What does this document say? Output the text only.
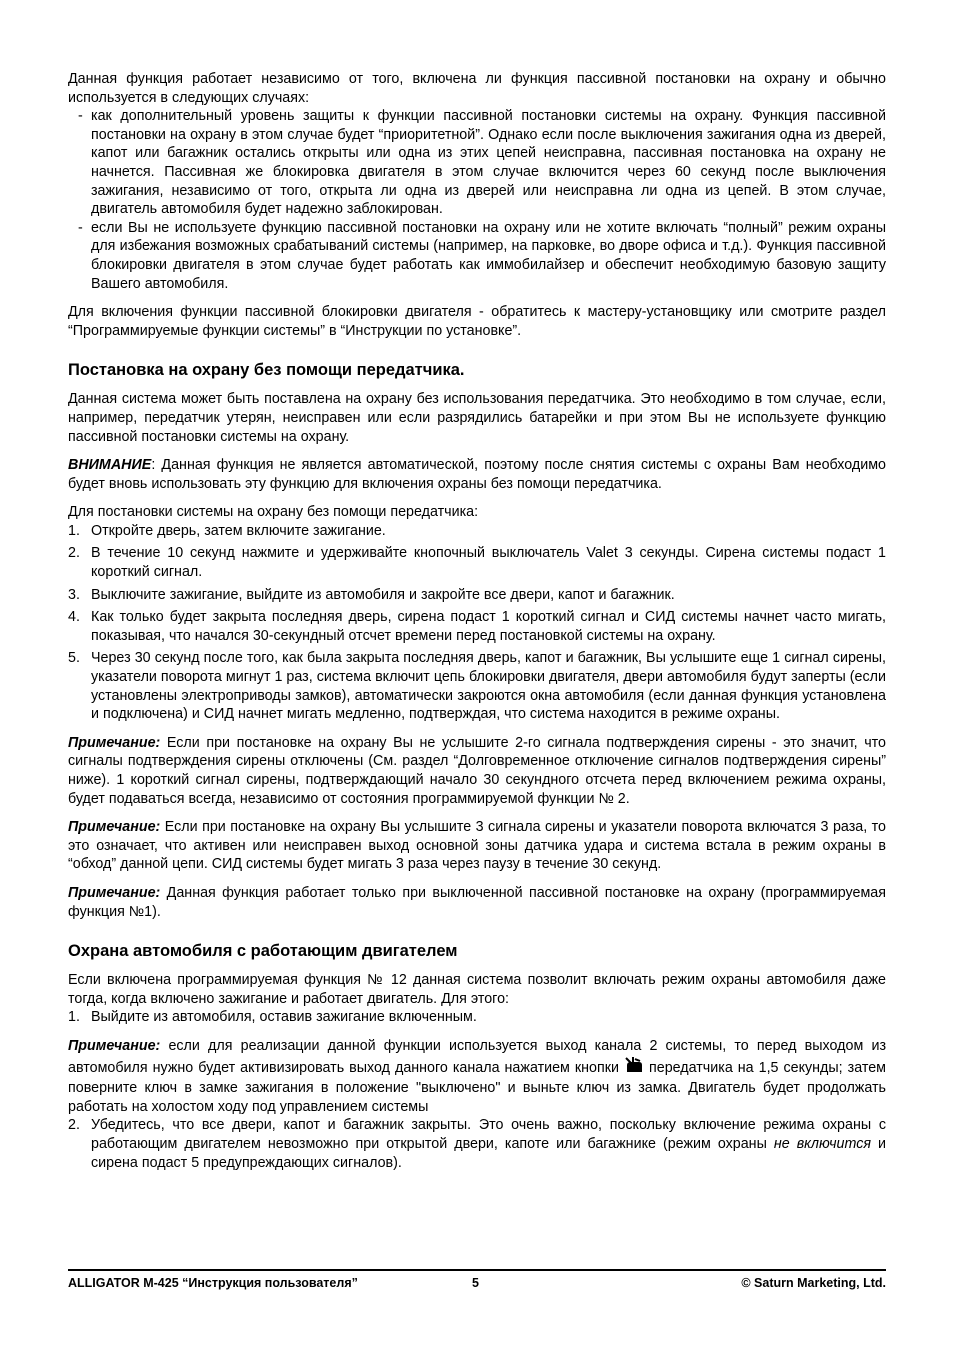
Данная функция работает независимо от того, включена ли функция пассивной постановки на охрану и обычно используется в следующих случаях:

- как дополнительный уровень защиты к функции пассивной постановки системы на охрану. Функция пассивной постановки на охрану в этом случае будет “приоритетной”. Однако если после выключения зажигания одна из дверей, капот или багажник остались открыты или одна из этих цепей неисправна, пассивная постановка на охрану не начнется. Пассивная же блокировка двигателя в этом случае включится через 60 секунд после выключения зажигания, независимо от того, открыта ли одна из дверей или неисправна ли одна из цепей. В этом случае, двигатель автомобиля будет надежно заблокирован.
- если Вы не используете функцию пассивной постановки на охрану или не хотите включать “полный” режим охраны для избежания возможных срабатываний системы (например, на парковке, во дворе офиса и т.д.). Функция пассивной блокировки двигателя в этом случае будет работать как иммобилайзер и обеспечит необходимую базовую защиту Вашего автомобиля.

Для включения функции пассивной блокировки двигателя - обратитесь к мастеру-установщику или смотрите раздел “Программируемые функции системы” в “Инструкции по установке”.

Постановка на охрану без помощи передатчика.

Данная система может быть поставлена на охрану без использования передатчика. Это необходимо в том случае, если, например, передатчик утерян, неисправен или если разрядились батарейки и при этом Вы не используете функцию пассивной постановки системы на охрану.

ВНИМАНИЕ: Данная функция не является автоматической, поэтому после снятия системы с охраны Вам необходимо будет вновь использовать эту функцию для включения охраны без помощи передатчика.

Для постановки системы на охрану без помощи передатчика:

1. Откройте дверь, затем включите зажигание.
2. В течение 10 секунд нажмите и удерживайте кнопочный выключатель Valet 3 секунды. Сирена системы подаст 1 короткий сигнал.
3. Выключите зажигание, выйдите из автомобиля и закройте все двери, капот и багажник.
4. Как только будет закрыта последняя дверь, сирена подаст 1 короткий сигнал и СИД системы начнет часто мигать, показывая, что начался 30-секундный отсчет времени перед постановкой системы на охрану.
5. Через 30 секунд после того, как была закрыта последняя дверь, капот и багажник, Вы услышите еще 1 сигнал сирены, указатели поворота мигнут 1 раз, система включит цепь блокировки двигателя, двери автомобиля будут заперты (если установлены электроприводы замков), автоматически закроются окна автомобиля (если данная функция установлена и подключена) и СИД начнет мигать медленно, подтверждая, что система находится в режиме охраны.

Примечание: Если при постановке на охрану Вы не услышите 2-го сигнала подтверждения сирены - это значит, что сигналы подтверждения сирены отключены (См. раздел “Долговременное отключение сигналов подтверждения сирены” ниже). 1 короткий сигнал сирены, подтверждающий начало 30 секундного отсчета перед включением режима охраны, будет подаваться всегда, независимо от состояния программируемой функции № 2.

Примечание: Если при постановке на охрану Вы услышите 3 сигнала сирены и указатели поворота включатся 3 раза, то это означает, что активен или неисправен выход основной зоны датчика удара и система встала в режим охраны в “обход” данной цепи. СИД системы будет мигать 3 раза через паузу в течение 30 секунд.

Примечание: Данная функция работает только при выключенной пассивной постановке на охрану (программируемая функция №1).

Охрана автомобиля с работающим двигателем

Если включена программируемая функция № 12 данная система позволит включать режим охраны автомобиля даже тогда, когда включено зажигание и работает двигатель. Для этого:

1. Выйдите из автомобиля, оставив зажигание включенным.

Примечание: если для реализации данной функции используется выход канала 2 системы, то перед выходом из автомобиля нужно будет активизировать выход данного канала нажатием кнопки  передатчика на 1,5 секунды; затем поверните ключ в замке зажигания в положение "выключено" и выньте ключ из замка. Двигатель будет продолжать работать на холостом ходу под управлением системы

2. Убедитесь, что все двери, капот и багажник закрыты. Это очень важно, поскольку включение режима охраны с работающим двигателем невозможно при открытой двери, капоте или багажнике (режим охраны не включится и сирена подаст 5 предупреждающих сигналов).
ALLIGATOR M-425 “Инструкция пользователя”	5	© Saturn Marketing, Ltd.
